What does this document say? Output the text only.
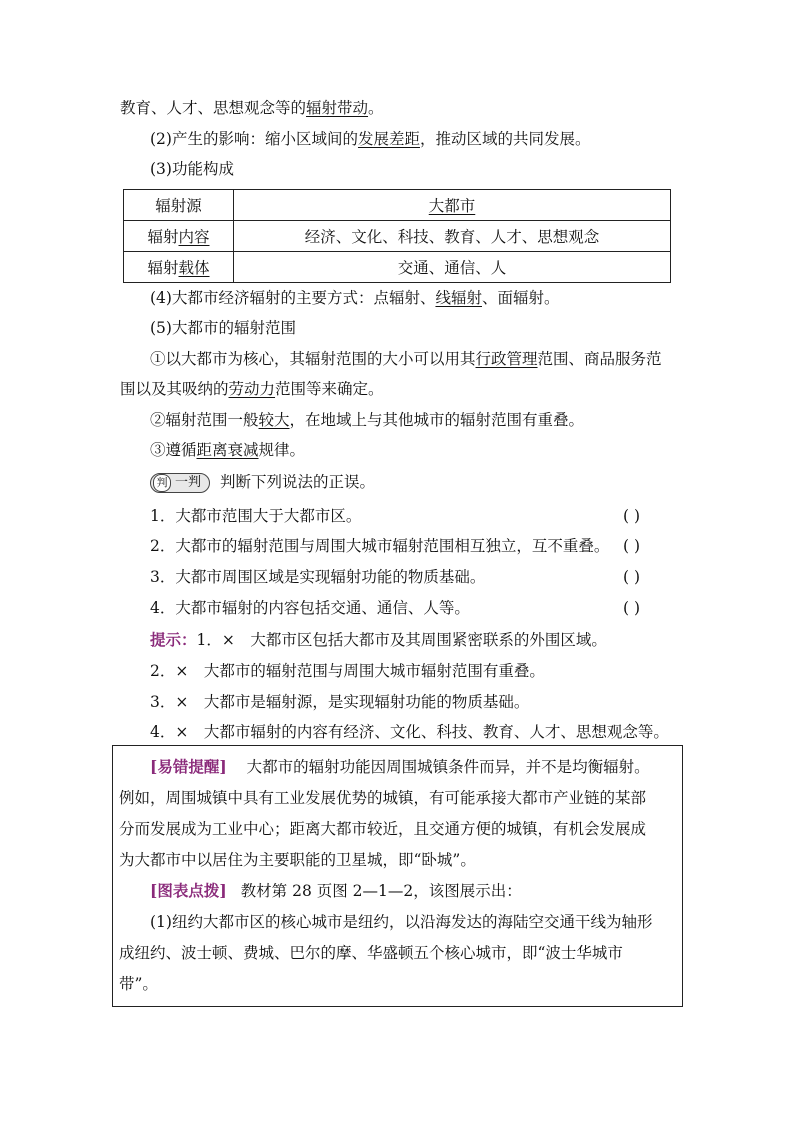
教育、人才、思想观念等的辐射带动。
(2)产生的影响：缩小区域间的发展差距，推动区域的共同发展。
(3)功能构成
辐射源	大都市
辐射内容	经济、文化、科技、教育、人才、思想观念
辐射载体	交通、通信、人
(4)大都市经济辐射的主要方式：点辐射、线辐射、面辐射。
(5)大都市的辐射范围
①以大都市为核心，其辐射范围的大小可以用其行政管理范围、商品服务范
围以及其吸纳的劳动力范围等来确定。
②辐射范围一般较大，在地域上与其他城市的辐射范围有重叠。
③遵循距离衰减规律。
判 一判 判断下列说法的正误。
1．大都市范围大于大都市区。	( )
2．大都市的辐射范围与周围大城市辐射范围相互独立，互不重叠。 ( )
3．大都市周围区域是实现辐射功能的物质基础。	( )
4．大都市辐射的内容包括交通、通信、人等。	( )
提示：1．×　大都市区包括大都市及其周围紧密联系的外围区域。
2．×　大都市的辐射范围与周围大城市辐射范围有重叠。
3．×　大都市是辐射源，是实现辐射功能的物质基础。
4．×　大都市辐射的内容有经济、文化、科技、教育、人才、思想观念等。
[易错提醒] 大都市的辐射功能因周围城镇条件而异，并不是均衡辐射。
例如，周围城镇中具有工业发展优势的城镇，有可能承接大都市产业链的某部
分而发展成为工业中心；距离大都市较近，且交通方便的城镇，有机会发展成
为大都市中以居住为主要职能的卫星城，即“卧城”。
[图表点拨] 教材第 28 页图 2—1—2，该图展示出：
(1)纽约大都市区的核心城市是纽约，以沿海发达的海陆空交通干线为轴形
成纽约、波士顿、费城、巴尔的摩、华盛顿五个核心城市，即“波士华城市
带”。
